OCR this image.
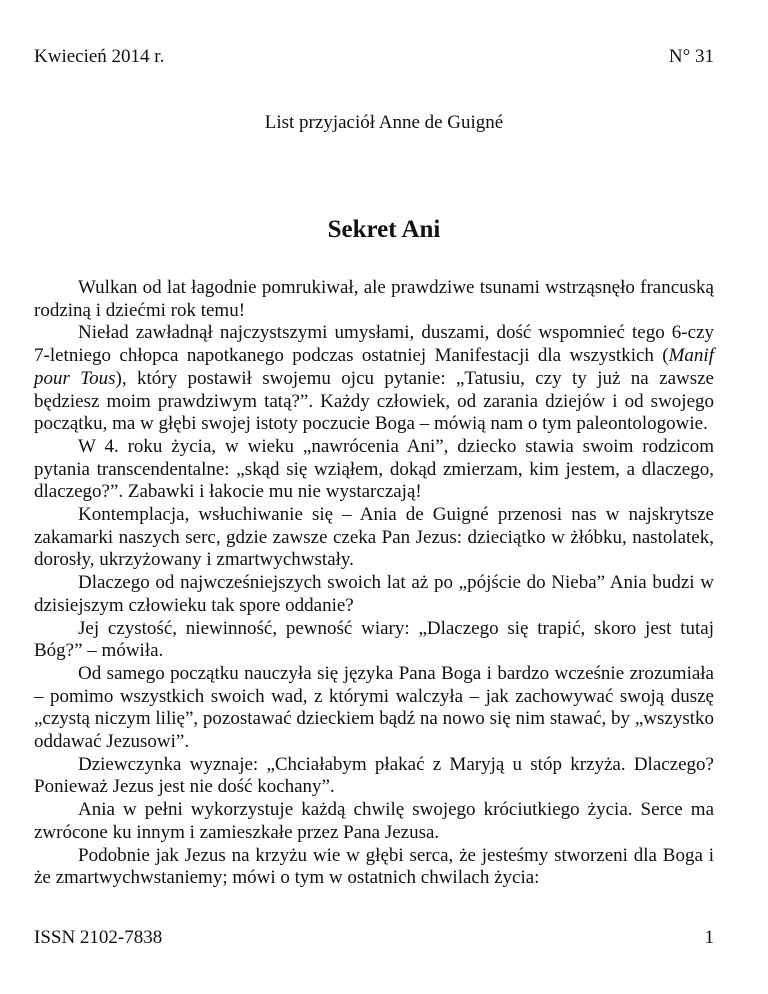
Kwiecień 2014 r.	N° 31
List przyjaciół Anne de Guigné
Sekret Ani

Wulkan od lat łagodnie pomrukiwał, ale prawdziwe tsunami wstrząsnęło francuską rodziną i dziećmi rok temu!

Nieład zawładnął najczystszymi umysłami, duszami, dość wspomnieć tego 6-czy 7-letniego chłopca napotkanego podczas ostatniej Manifestacji dla wszystkich (Manif pour Tous), który postawił swojemu ojcu pytanie: „Tatusiu, czy ty już na zawsze będziesz moim prawdziwym tatą?”. Każdy człowiek, od zarania dziejów i od swojego początku, ma w głębi swojej istoty poczucie Boga – mówią nam o tym paleontologowie.

W 4. roku życia, w wieku „nawrócenia Ani”, dziecko stawia swoim rodzicom pytania transcendentalne: „skąd się wziąłem, dokąd zmierzam, kim jestem, a dlaczego, dlaczego?”. Zabawki i łakocie mu nie wystarczają!

Kontemplacja, wsłuchiwanie się – Ania de Guigné przenosi nas w najskrytsze zakamarki naszych serc, gdzie zawsze czeka Pan Jezus: dzieciątko w żłóbku, nastolatek, dorosły, ukrzyżowany i zmartwychwstały.

Dlaczego od najwcześniejszych swoich lat aż po „pójście do Nieba” Ania budzi w dzisiejszym człowieku tak spore oddanie?

Jej czystość, niewinność, pewność wiary: „Dlaczego się trapić, skoro jest tutaj Bóg?” – mówiła.

Od samego początku nauczyła się języka Pana Boga i bardzo wcześnie zrozumiała – pomimo wszystkich swoich wad, z którymi walczyła – jak zachowywać swoją duszę „czystą niczym lilię”, pozostawać dzieckiem bądź na nowo się nim stawać, by „wszystko oddawać Jezusowi”.

Dziewczynka wyznaje: „Chciałabym płakać z Maryją u stóp krzyża. Dlaczego? Ponieważ Jezus jest nie dość kochany”.

Ania w pełni wykorzystuje każdą chwilę swojego króciutkiego życia. Serce ma zwrócone ku innym i zamieszkałe przez Pana Jezusa.

Podobnie jak Jezus na krzyżu wie w głębi serca, że jesteśmy stworzeni dla Boga i że zmartwychwstaniemy; mówi o tym w ostatnich chwilach życia:

ISSN 2102-7838	1
